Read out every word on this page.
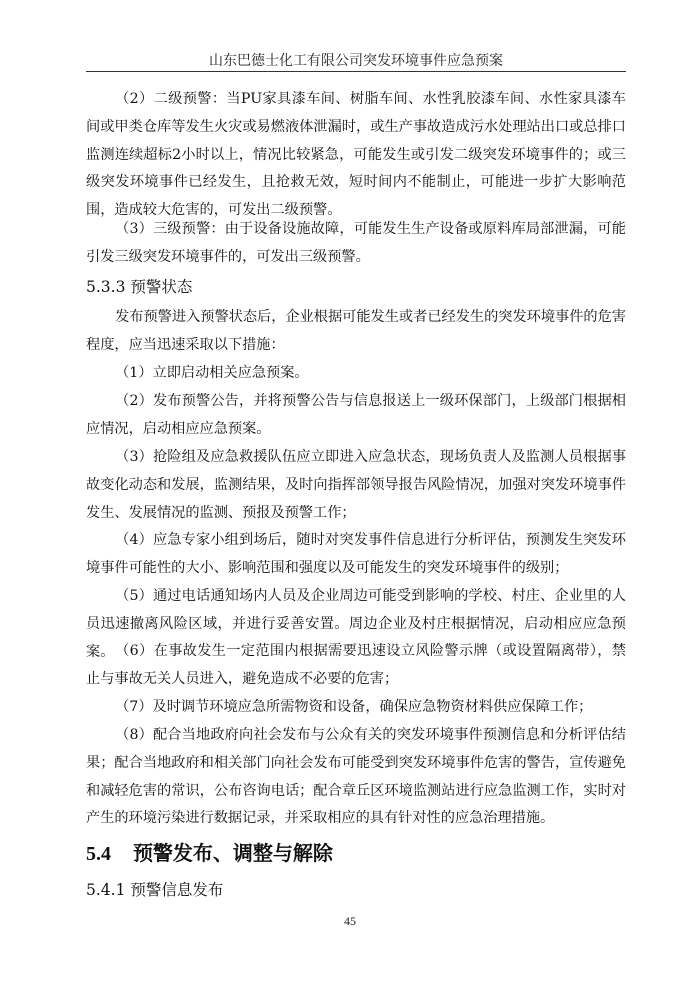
山东巴德士化工有限公司突发环境事件应急预案

（2）二级预警：当PU家具漆车间、树脂车间、水性乳胶漆车间、水性家具漆车间或甲类仓库等发生火灾或易燃液体泄漏时，或生产事故造成污水处理站出口或总排口监测连续超标2小时以上，情况比较紧急，可能发生或引发二级突发环境事件的；或三级突发环境事件已经发生，且抢救无效，短时间内不能制止，可能进一步扩大影响范围，造成较大危害的，可发出二级预警。

（3）三级预警：由于设备设施故障，可能发生生产设备或原料库局部泄漏，可能引发三级突发环境事件的，可发出三级预警。

5.3.3 预警状态

发布预警进入预警状态后，企业根据可能发生或者已经发生的突发环境事件的危害程度，应当迅速采取以下措施：

（1）立即启动相关应急预案。

（2）发布预警公告，并将预警公告与信息报送上一级环保部门，上级部门根据相应情况，启动相应应急预案。

（3）抢险组及应急救援队伍应立即进入应急状态，现场负责人及监测人员根据事故变化动态和发展，监测结果，及时向指挥部领导报告风险情况，加强对突发环境事件发生、发展情况的监测、预报及预警工作；

（4）应急专家小组到场后，随时对突发事件信息进行分析评估，预测发生突发环境事件可能性的大小、影响范围和强度以及可能发生的突发环境事件的级别；

（5）通过电话通知场内人员及企业周边可能受到影响的学校、村庄、企业里的人员迅速撤离风险区域，并进行妥善安置。周边企业及村庄根据情况，启动相应应急预案。 （6）在事故发生一定范围内根据需要迅速设立风险警示牌（或设置隔离带），禁止与事故无关人员进入，避免造成不必要的危害；

（7）及时调节环境应急所需物资和设备，确保应急物资材料供应保障工作；

（8）配合当地政府向社会发布与公众有关的突发环境事件预测信息和分析评估结果；配合当地政府和相关部门向社会发布可能受到突发环境事件危害的警告，宣传避免和减轻危害的常识，公布咨询电话；配合章丘区环境监测站进行应急监测工作，实时对产生的环境污染进行数据记录，并采取相应的具有针对性的应急治理措施。

5.4 预警发布、调整与解除
5.4.1 预警信息发布
45
